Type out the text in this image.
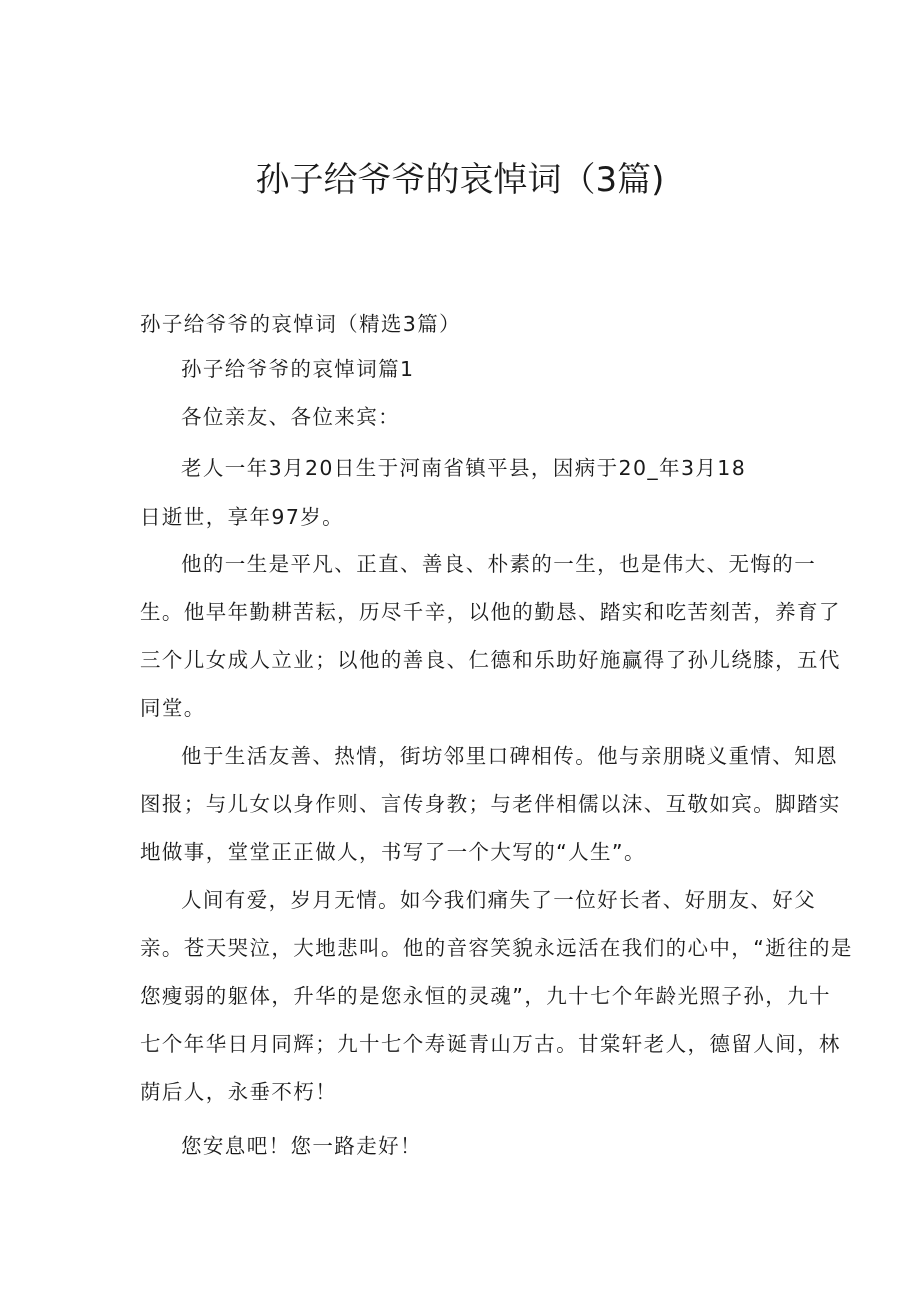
孙子给爷爷的哀悼词（3篇)

孙子给爷爷的哀悼词（精选3篇）

孙子给爷爷的哀悼词篇1

各位亲友、各位来宾：

老人一年3月20日生于河南省镇平县，因病于20_年3月18

日逝世，享年97岁。

他的一生是平凡、正直、善良、朴素的一生，也是伟大、无悔的一

生。他早年勤耕苦耘，历尽千辛，以他的勤恳、踏实和吃苦刻苦，养育了

三个儿女成人立业；以他的善良、仁德和乐助好施赢得了孙儿绕膝，五代

同堂。

他于生活友善、热情，街坊邻里口碑相传。他与亲朋晓义重情、知恩

图报；与儿女以身作则、言传身教；与老伴相儒以沫、互敬如宾。脚踏实

地做事，堂堂正正做人，书写了一个大写的“人生”。

人间有爱，岁月无情。如今我们痛失了一位好长者、好朋友、好父

亲。苍天哭泣，大地悲叫。他的音容笑貌永远活在我们的心中，“逝往的是

您瘦弱的躯体，升华的是您永恒的灵魂”，九十七个年龄光照子孙，九十

七个年华日月同辉；九十七个寿诞青山万古。甘棠轩老人，德留人间，林

荫后人，永垂不朽！

您安息吧！您一路走好！
